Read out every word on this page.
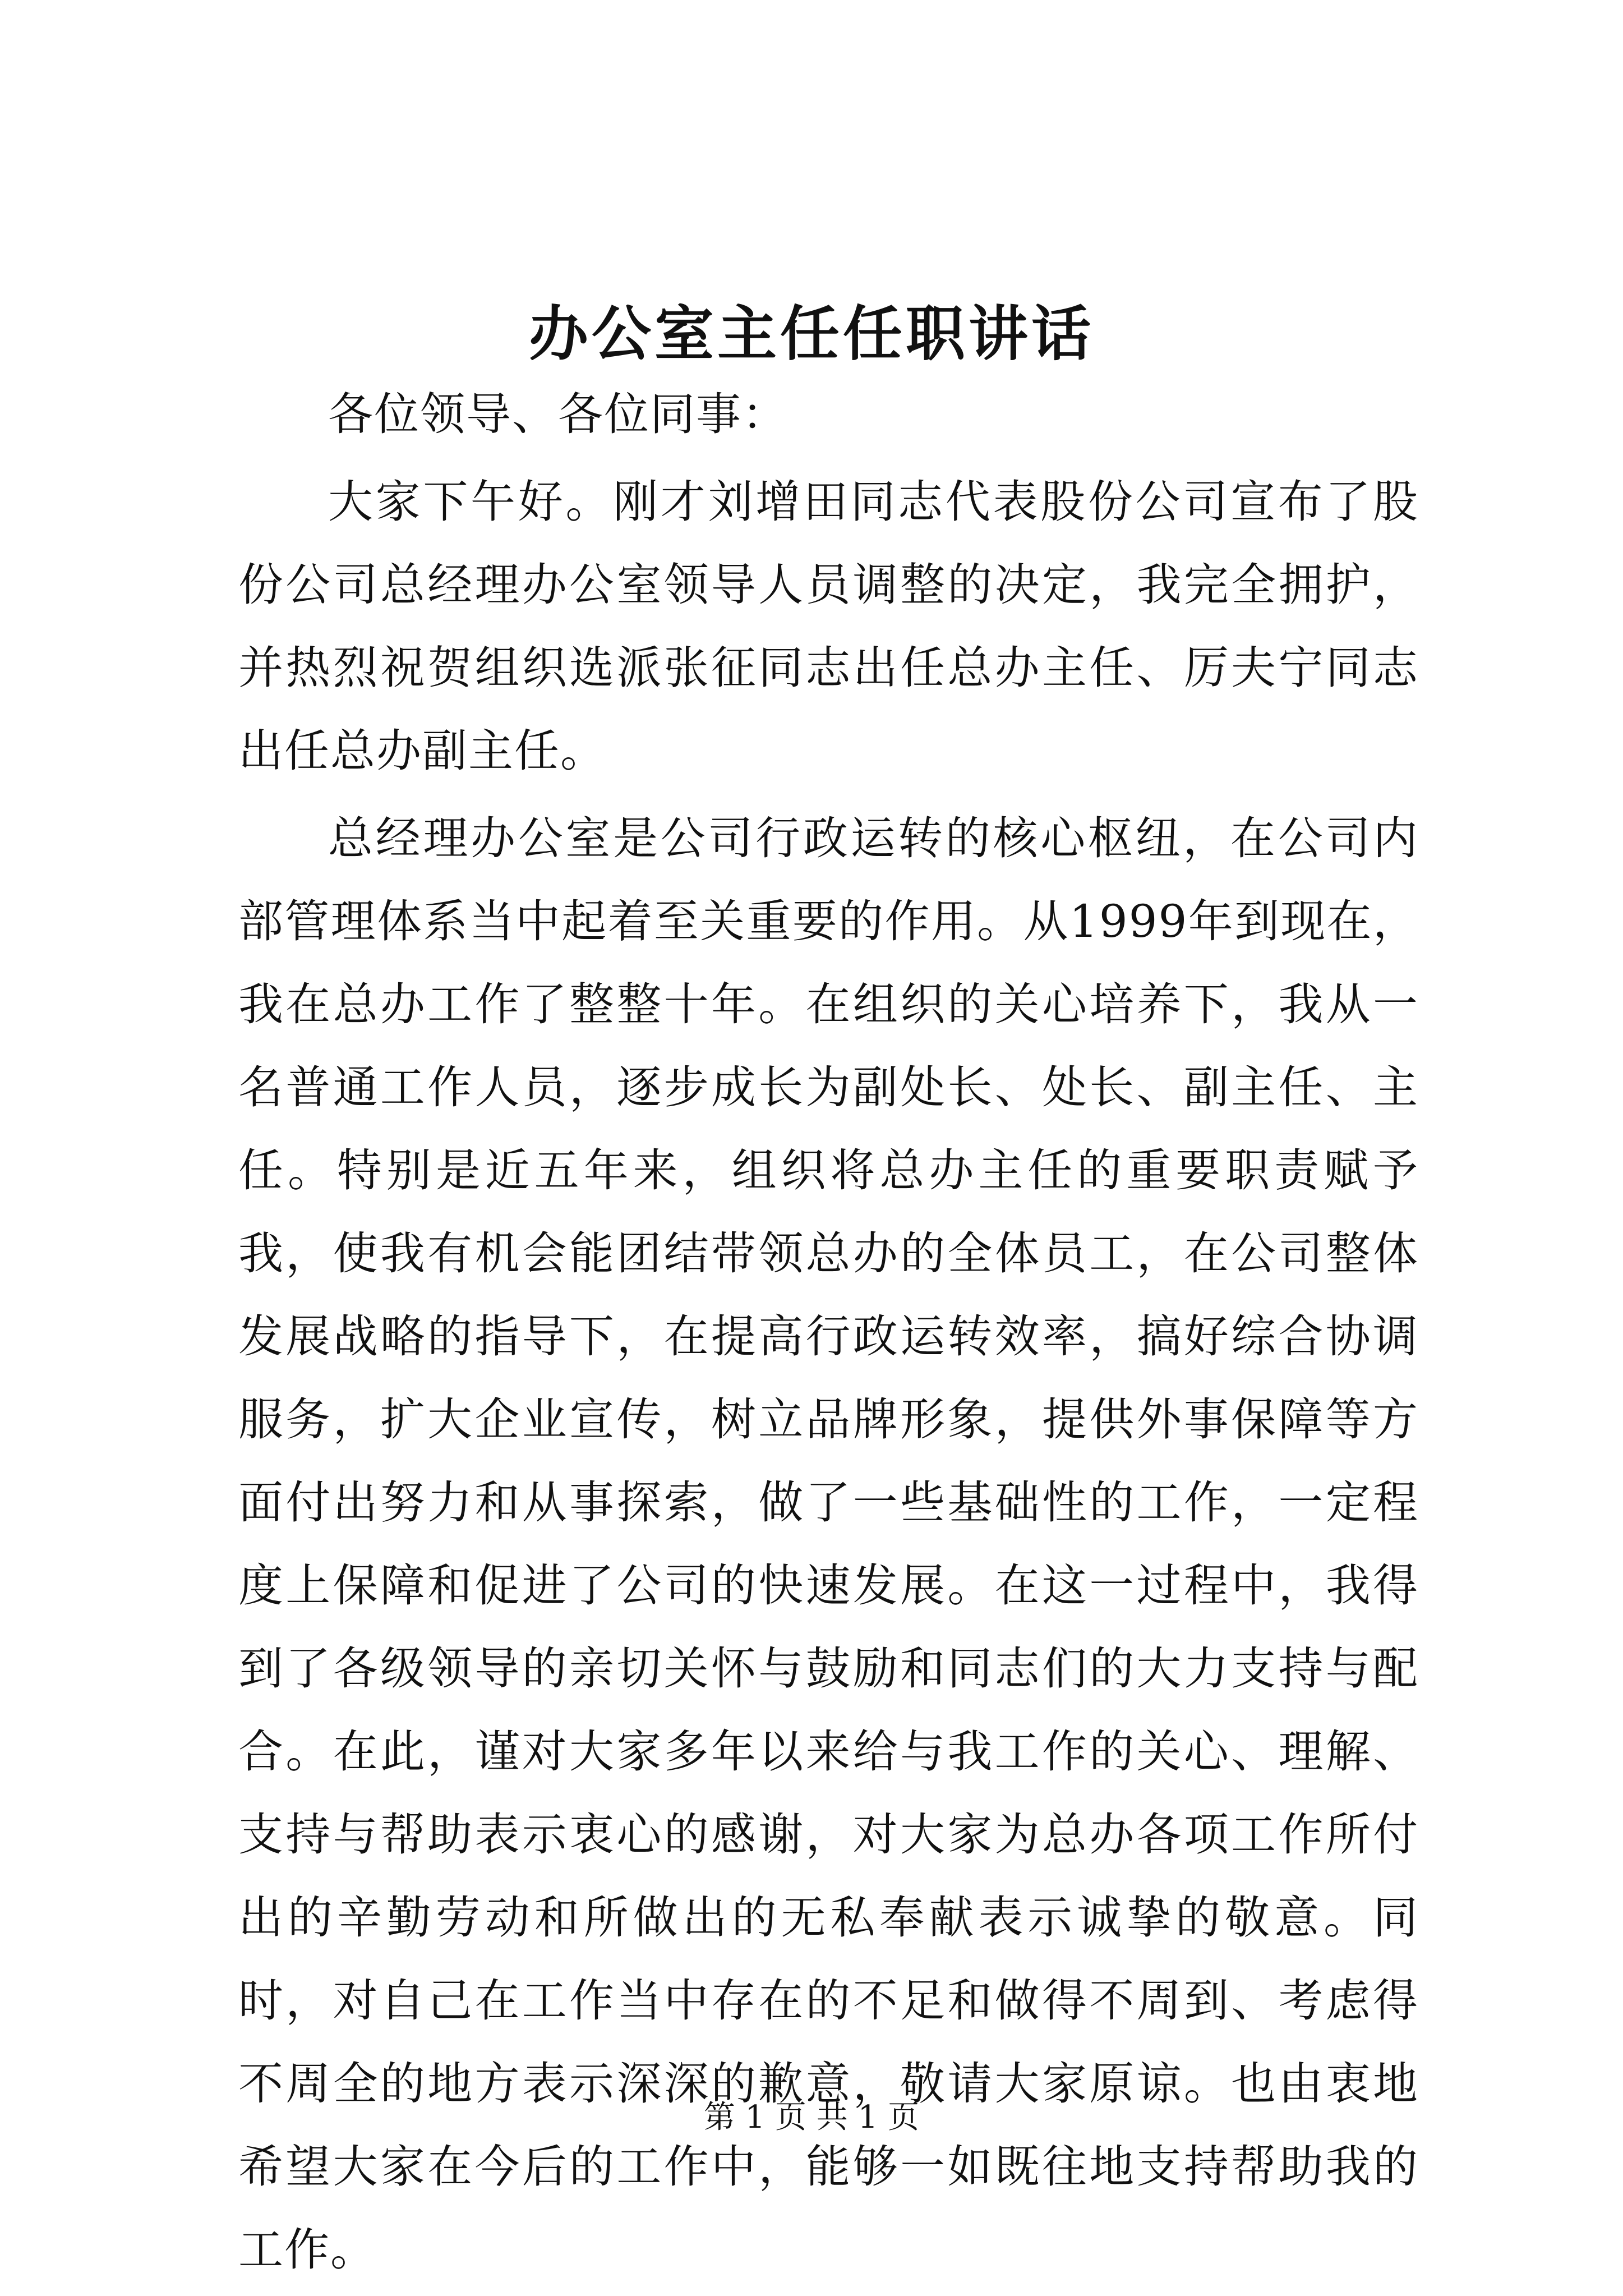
办公室主任任职讲话

各位领导、各位同事：

大家下午好。刚才刘增田同志代表股份公司宣布了股份公司总经理办公室领导人员调整的决定，我完全拥护，并热烈祝贺组织选派张征同志出任总办主任、厉夫宁同志出任总办副主任。

总经理办公室是公司行政运转的核心枢纽，在公司内部管理体系当中起着至关重要的作用。从1999年到现在，我在总办工作了整整十年。在组织的关心培养下，我从一名普通工作人员，逐步成长为副处长、处长、副主任、主任。特别是近五年来，组织将总办主任的重要职责赋予我，使我有机会能团结带领总办的全体员工，在公司整体发展战略的指导下，在提高行政运转效率，搞好综合协调服务，扩大企业宣传，树立品牌形象，提供外事保障等方面付出努力和从事探索，做了一些基础性的工作，一定程度上保障和促进了公司的快速发展。在这一过程中，我得到了各级领导的亲切关怀与鼓励和同志们的大力支持与配合。在此，谨对大家多年以来给与我工作的关心、理解、支持与帮助表示衷心的感谢，对大家为总办各项工作所付出的辛勤劳动和所做出的无私奉献表示诚挚的敬意。同时，对自己在工作当中存在的不足和做得不周到、考虑得不周全的地方表示深深的歉意，敬请大家原谅。也由衷地希望大家在今后的工作中，能够一如既往地支持帮助我的工作。

第 1 页 共 1 页
